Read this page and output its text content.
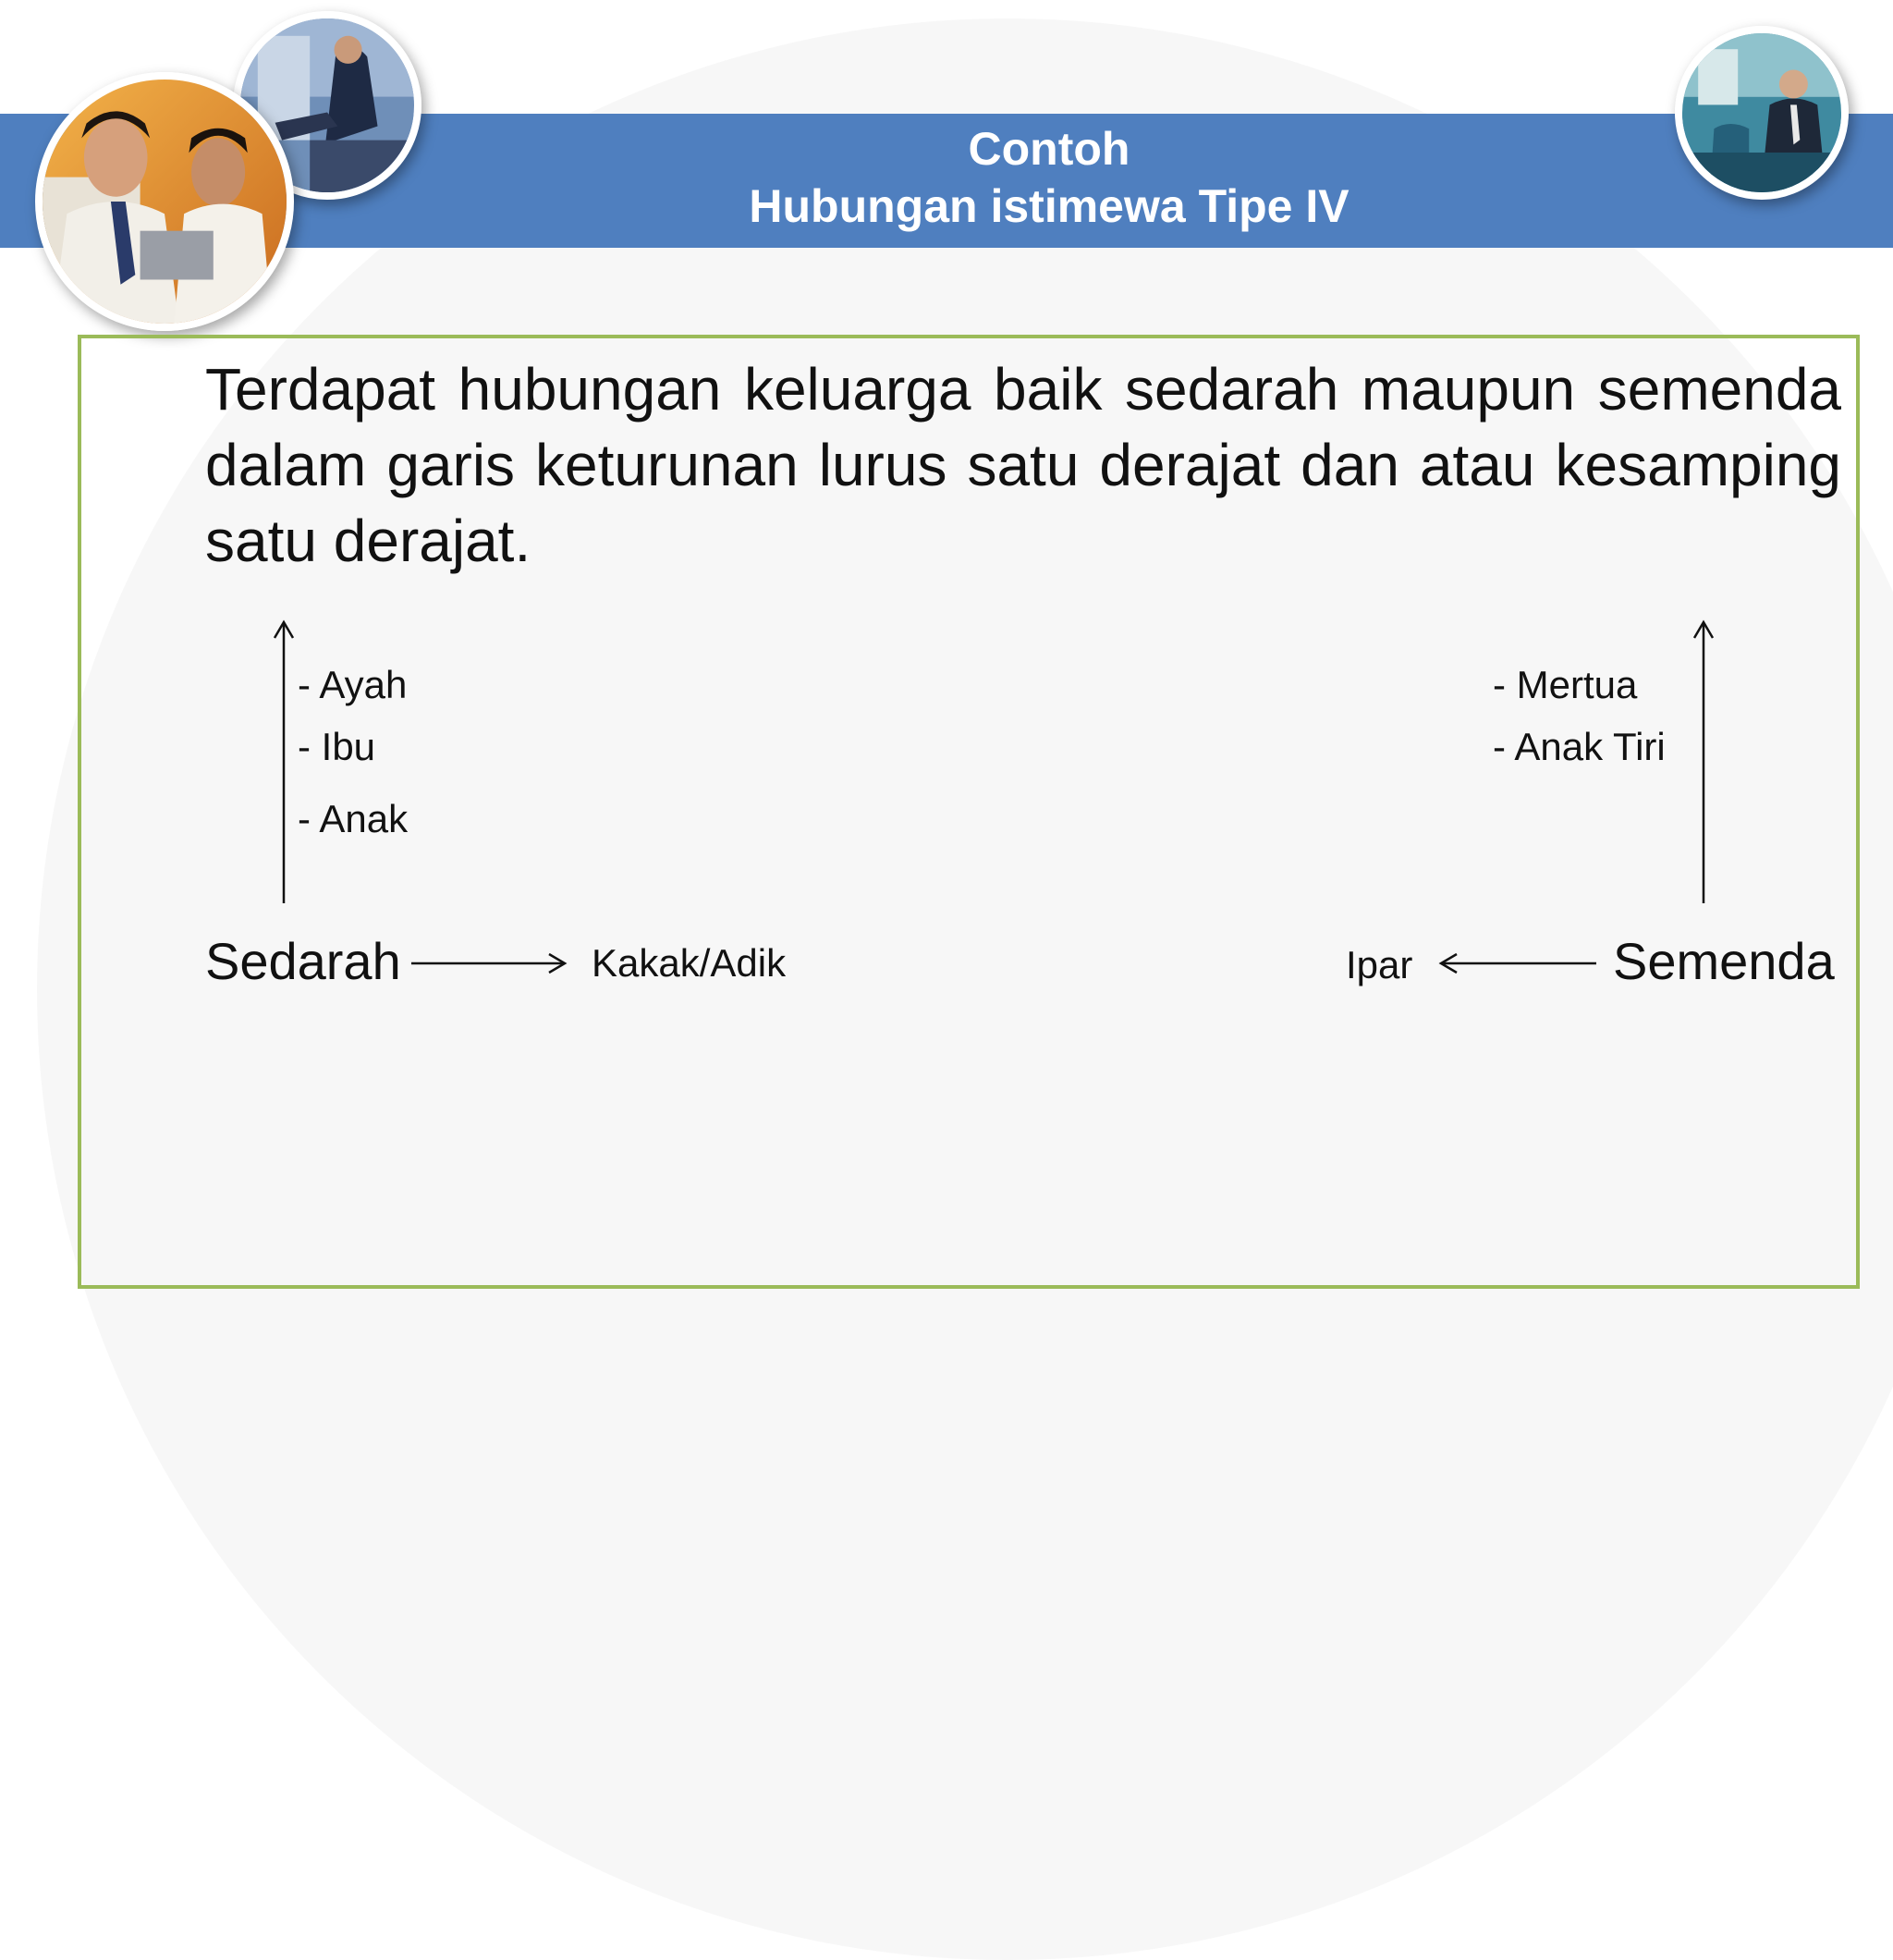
Contoh
Hubungan istimewa Tipe IV
Terdapat hubungan keluarga baik sedarah maupun semenda dalam garis keturunan lurus satu derajat dan atau kesamping satu derajat.
- Ayah
- Ibu
- Anak
Sedarah	Kakak/Adik
- Mertua
- Anak Tiri
Semenda
Ipar
